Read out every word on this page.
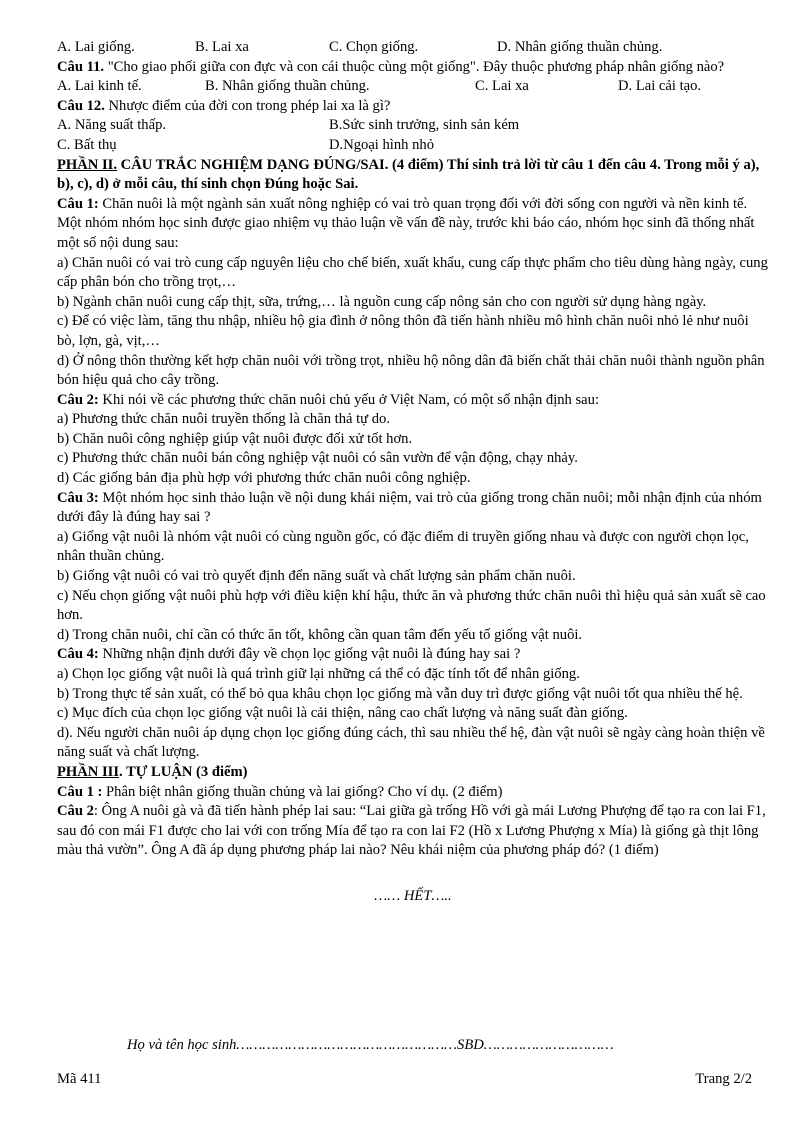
A. Lai giống.	B. Lai xa	C. Chọn giống.	D. Nhân giống thuần chủng.
Câu 11. "Cho giao phối giữa con đực và con cái thuộc cùng một giống". Đây thuộc phương pháp nhân giống nào?
A. Lai kinh tế.	B. Nhân giống thuần chủng.	C. Lai xa	D. Lai cải tạo.
Câu 12. Nhược điểm của đời con trong phép lai xa là gì?
A. Năng suất thấp.	B.Sức sinh trưởng, sinh sản kém
C. Bất thụ	D.Ngoại hình nhỏ
PHẦN II. CÂU TRẮC NGHIỆM DẠNG ĐÚNG/SAI. (4 điểm) Thí sinh trả lời từ câu 1 đến câu 4. Trong mỗi ý a), b), c), d) ở mỗi câu, thí sinh chọn Đúng hoặc Sai.
Câu 1: Chăn nuôi là một ngành sản xuất nông nghiệp có vai trò quan trọng đối với đời sống con người và nền kinh tế. Một nhóm nhóm học sinh được giao nhiệm vụ thảo luận về vấn đề này, trước khi báo cáo, nhóm học sinh đã thống nhất một số nội dung sau:
a) Chăn nuôi có vai trò cung cấp nguyên liệu cho chế biến, xuất khẩu, cung cấp thực phẩm cho tiêu dùng hàng ngày, cung cấp phân bón cho trồng trọt,…
b) Ngành chăn nuôi cung cấp thịt, sữa, trứng,… là nguồn cung cấp nông sản cho con người sử dụng hàng ngày.
c) Để có việc làm, tăng thu nhập, nhiều hộ gia đình ở nông thôn đã tiến hành nhiều mô hình chăn nuôi nhỏ lẻ như nuôi bò, lợn, gà, vịt,…
d) Ở nông thôn thường kết hợp chăn nuôi với trồng trọt, nhiều hộ nông dân đã biến chất thải chăn nuôi thành nguồn phân bón hiệu quả cho cây trồng.
Câu 2: Khi nói về các phương thức chăn nuôi chủ yếu ở Việt Nam, có một số nhận định sau:
a) Phương thức chăn nuôi truyền thống là chăn thả tự do.
b) Chăn nuôi công nghiệp giúp vật nuôi được đối xử tốt hơn.
c) Phương thức chăn nuôi bán công nghiệp vật nuôi có sân vườn để vận động, chạy nhảy.
d) Các giống bản địa phù hợp với phương thức chăn nuôi công nghiệp.
Câu 3: Một nhóm học sinh thảo luận về nội dung khái niệm, vai trò của giống trong chăn nuôi; mỗi nhận định của nhóm dưới đây là đúng hay sai ?
a) Giống vật nuôi là nhóm vật nuôi có cùng nguồn gốc, có đặc điểm di truyền giống nhau và được con người chọn lọc, nhân thuần chủng.
b) Giống vật nuôi có vai trò quyết định đến năng suất và chất lượng sản phẩm chăn nuôi.
c) Nếu chọn giống vật nuôi phù hợp với điều kiện khí hậu, thức ăn và phương thức chăn nuôi thì hiệu quả sản xuất sẽ cao hơn.
d) Trong chăn nuôi, chỉ cần có thức ăn tốt, không cần quan tâm đến yếu tố giống vật nuôi.
Câu 4: Những nhận định dưới đây về chọn lọc giống vật nuôi là đúng hay sai ?
a) Chọn lọc giống vật nuôi là quá trình giữ lại những cá thể có đặc tính tốt để nhân giống.
b) Trong thực tế sản xuất, có thể bỏ qua khâu chọn lọc giống mà vẫn duy trì được giống vật nuôi tốt qua nhiều thế hệ.
c) Mục đích của chọn lọc giống vật nuôi là cải thiện, nâng cao chất lượng và năng suất đàn giống.
d). Nếu người chăn nuôi áp dụng chọn lọc giống đúng cách, thì sau nhiều thế hệ, đàn vật nuôi sẽ ngày càng hoàn thiện về năng suất và chất lượng.
PHẦN III. TỰ LUẬN (3 điểm)
Câu 1 : Phân biệt nhân giống thuần chủng và lai giống? Cho ví dụ. (2 điểm)
Câu 2: Ông A nuôi gà và đã tiến hành phép lai sau: “Lai giữa gà trống Hồ với gà mái Lương Phượng để tạo ra con lai F1, sau đó con mái F1 được cho lai với con trống Mía để tạo ra con lai F2 (Hồ x Lương Phượng x Mía) là giống gà thịt lông màu thả vườn”. Ông A đã áp dụng phương pháp lai nào? Nêu khái niệm của phương pháp đó? (1 điểm)
…… HẾT…..
Họ và tên học sinh……………………………………………SBD…………………………
Mã 411	Trang 2/2
